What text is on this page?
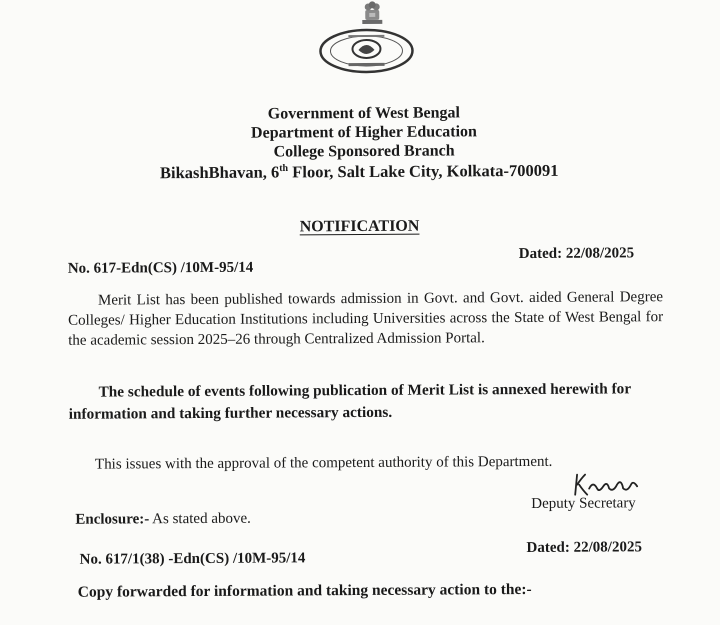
Government of West Bengal
Department of Higher Education
College Sponsored Branch
BikashBhavan, 6th Floor, Salt Lake City, Kolkata-700091
NOTIFICATION
No. 617-Edn(CS) /10M-95/14
Dated: 22/08/2025
Merit List has been published towards admission in Govt. and Govt. aided General Degree Colleges/ Higher Education Institutions including Universities across the State of West Bengal for the academic session 2025–26 through Centralized Admission Portal.
The schedule of events following publication of Merit List is annexed herewith for information and taking further necessary actions.
This issues with the approval of the competent authority of this Department.
Deputy Secretary
Enclosure:- As stated above.
No. 617/1(38) -Edn(CS) /10M-95/14
Dated: 22/08/2025
Copy forwarded for information and taking necessary action to the:-
